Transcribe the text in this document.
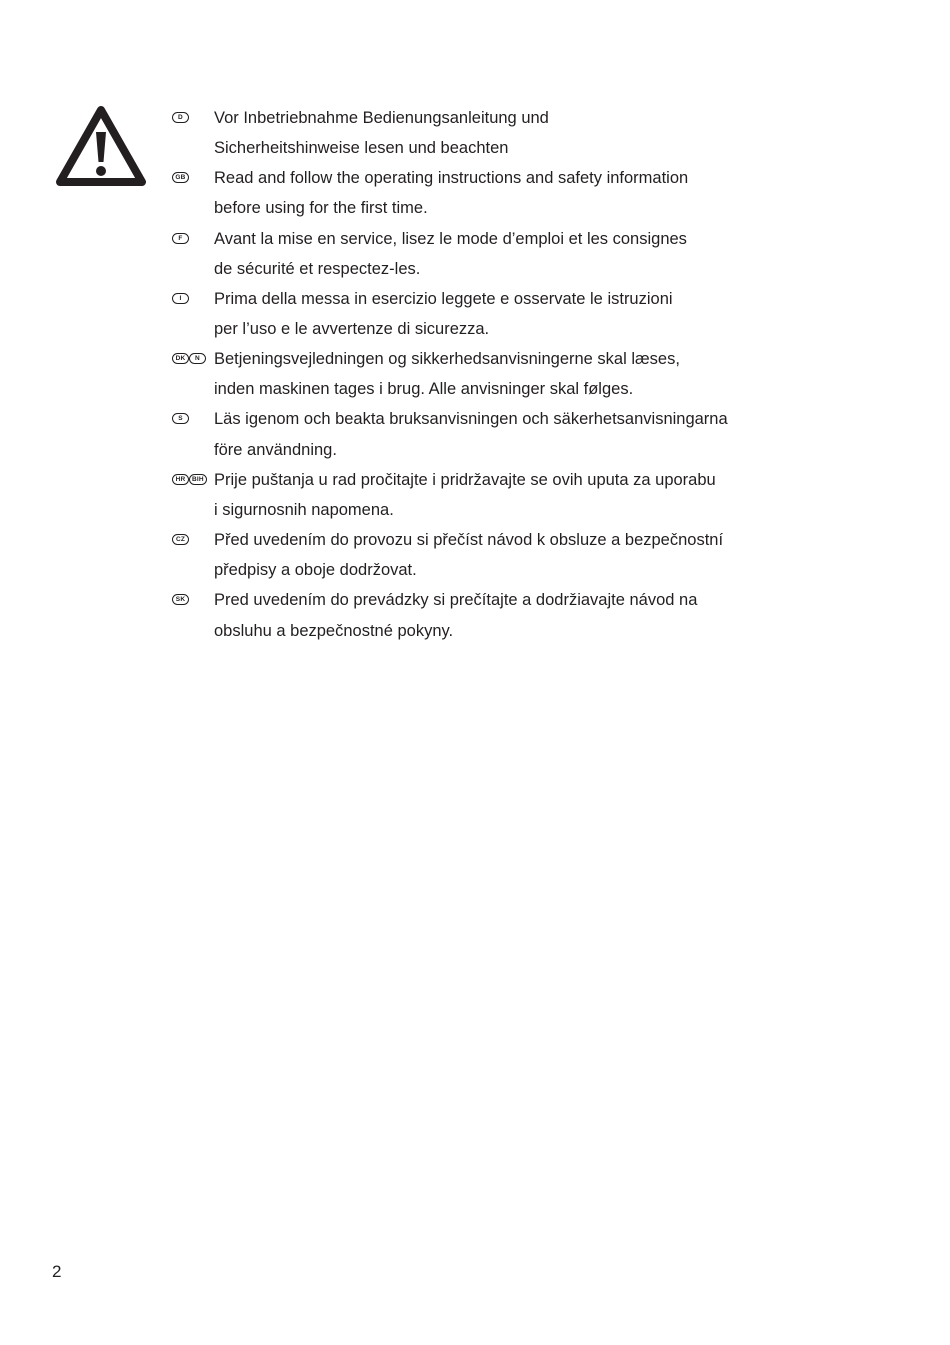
D	Vor Inbetriebnahme Bedienungsanleitung und
Sicherheitshinweise lesen und beachten
GB Read and follow the operating instructions and safety information
before using for the first time.
F	Avant la mise en service, lisez le mode d’emploi et les consignes
de sécurité et respectez-les.
I	Prima della messa in esercizio leggete e osservate le istruzioni
per l’uso e le avvertenze di sicurezza.
DK	N Betjeningsvejledningen og sikkerhedsanvisningerne skal læses,
inden maskinen tages i brug. Alle anvisninger skal følges.
S	Läs igenom och beakta bruksanvisningen och säkerhetsanvisningarna
före användning.
HR	BIH Prije puštanja u rad pročitajte i pridržavajte se ovih uputa za uporabu
i sigurnosnih napomena.
CZ Před uvedením do provozu si přečíst návod k obsluze a bezpečnostní
předpisy a oboje dodržovat.
SK Pred uvedením do prevádzky si prečítajte a dodržiavajte návod na
obsluhu a bezpečnostné pokyny.
2
